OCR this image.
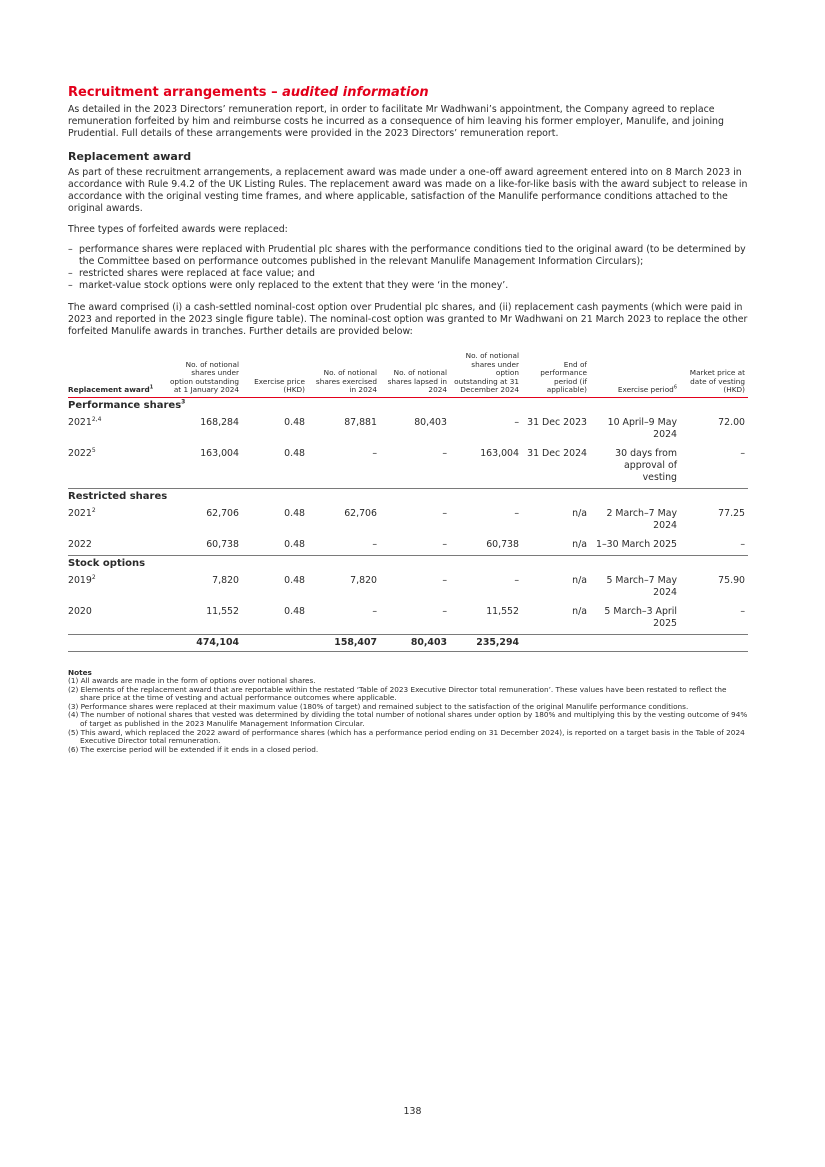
Recruitment arrangements – audited information

As detailed in the 2023 Directors’ remuneration report, in order to facilitate Mr Wadhwani’s appointment, the Company agreed to replace remuneration forfeited by him and reimburse costs he incurred as a consequence of him leaving his former employer, Manulife, and joining Prudential. Full details of these arrangements were provided in the 2023 Directors’ remuneration report.

Replacement award

As part of these recruitment arrangements, a replacement award was made under a one-off award agreement entered into on 8 March 2023 in accordance with Rule 9.4.2 of the UK Listing Rules. The replacement award was made on a like-for-like basis with the award subject to release in accordance with the original vesting time frames, and where applicable, satisfaction of the Manulife performance conditions attached to the original awards.

Three types of forfeited awards were replaced:

– performance shares were replaced with Prudential plc shares with the performance conditions tied to the original award (to be determined by the Committee based on performance outcomes published in the relevant Manulife Management Information Circulars);
– restricted shares were replaced at face value; and
– market-value stock options were only replaced to the extent that they were ‘in the money’.

The award comprised (i) a cash-settled nominal-cost option over Prudential plc shares, and (ii) replacement cash payments (which were paid in 2023 and reported in the 2023 single figure table). The nominal-cost option was granted to Mr Wadhwani on 21 March 2023 to replace the other forfeited Manulife awards in tranches. Further details are provided below:

Replacement award$^1$	No. of notional shares under option outstanding at 1 January 2024	Exercise price (HKD)	No. of notional shares exercised in 2024	No. of notional shares lapsed in 2024	No. of notional shares under option outstanding at 31 December 2024	End of performance period (if applicable)	Exercise period$^6$	Market price at date of vesting (HKD)
Performance shares$^3$
2021$^{2,4}$	168,284	0.48	87,881	80,403	–	31 Dec 2023	10 April–9 May 2024	72.00
2022$^5$	163,004	0.48	–	–	163,004	31 Dec 2024	30 days from approval of vesting	–
Restricted shares								
2021$^2$	62,706	0.48	62,706	–	–	n/a	2 March–7 May 2024	77.25
2022	60,738	0.48	–	–	60,738	n/a	1–30 March 2025	–
Stock options								
2019$^2$	7,820	0.48	7,820	–	–	n/a	5 March–7 May 2024	75.90
2020	11,552	0.48	–	–	11,552	n/a	5 March–3 April 2025	–
	474,104		158,407	80,403	235,294			
Notes
(1) All awards are made in the form of options over notional shares.
(2) Elements of the replacement award that are reportable within the restated ‘Table of 2023 Executive Director total remuneration’. These values have been restated to reflect the share price at the time of vesting and actual performance outcomes where applicable.
(3) Performance shares were replaced at their maximum value (180% of target) and remained subject to the satisfaction of the original Manulife performance conditions.
(4) The number of notional shares that vested was determined by dividing the total number of notional shares under option by 180% and multiplying this by the vesting outcome of 94% of target as published in the 2023 Manulife Management Information Circular.
(5) This award, which replaced the 2022 award of performance shares (which has a performance period ending on 31 December 2024), is reported on a target basis in the Table of 2024 Executive Director total remuneration.
(6) The exercise period will be extended if it ends in a closed period.
138
